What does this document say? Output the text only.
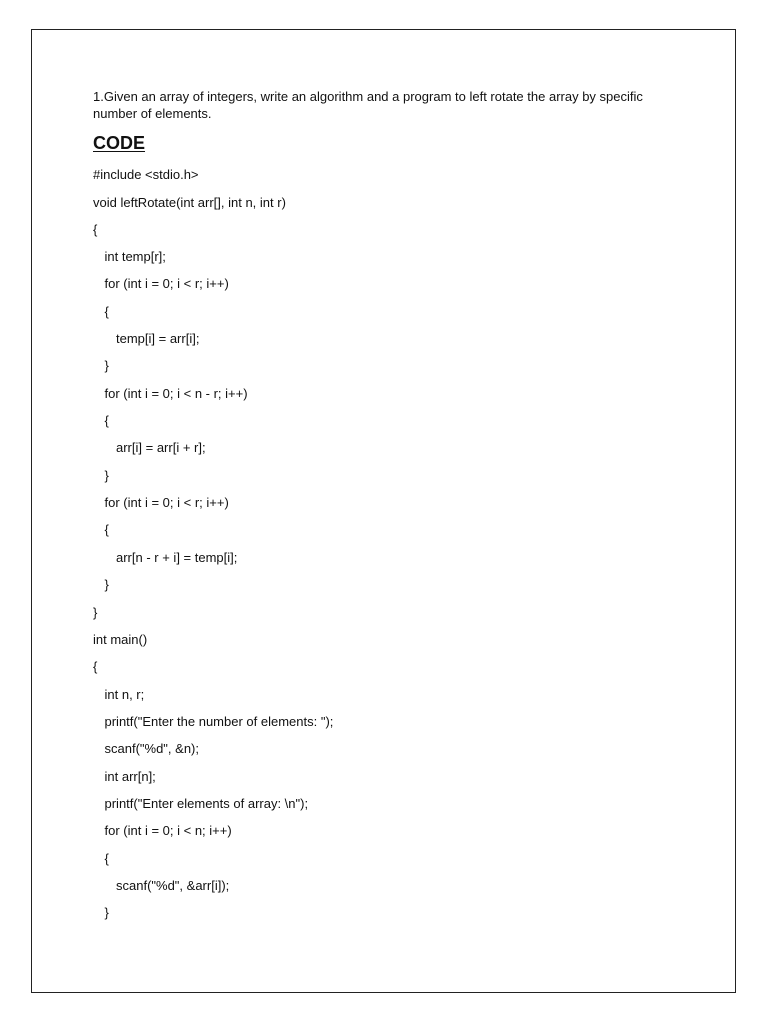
1.Given an array of integers, write an algorithm and a program to left rotate the array by specific number of elements.

CODE
#include <stdio.h>
void leftRotate(int arr[], int n, int r)
{
int temp[r];
for (int i = 0; i < r; i++)
{
temp[i] = arr[i];
}
for (int i = 0; i < n - r; i++)
{
arr[i] = arr[i + r];
}
for (int i = 0; i < r; i++)
{
arr[n - r + i] = temp[i];
}
}
int main()
{
int n, r;
printf("Enter the number of elements: ");
scanf("%d", &n);
int arr[n];
printf("Enter elements of array: \n");
for (int i = 0; i < n; i++)
{
scanf("%d", &arr[i]);
}
